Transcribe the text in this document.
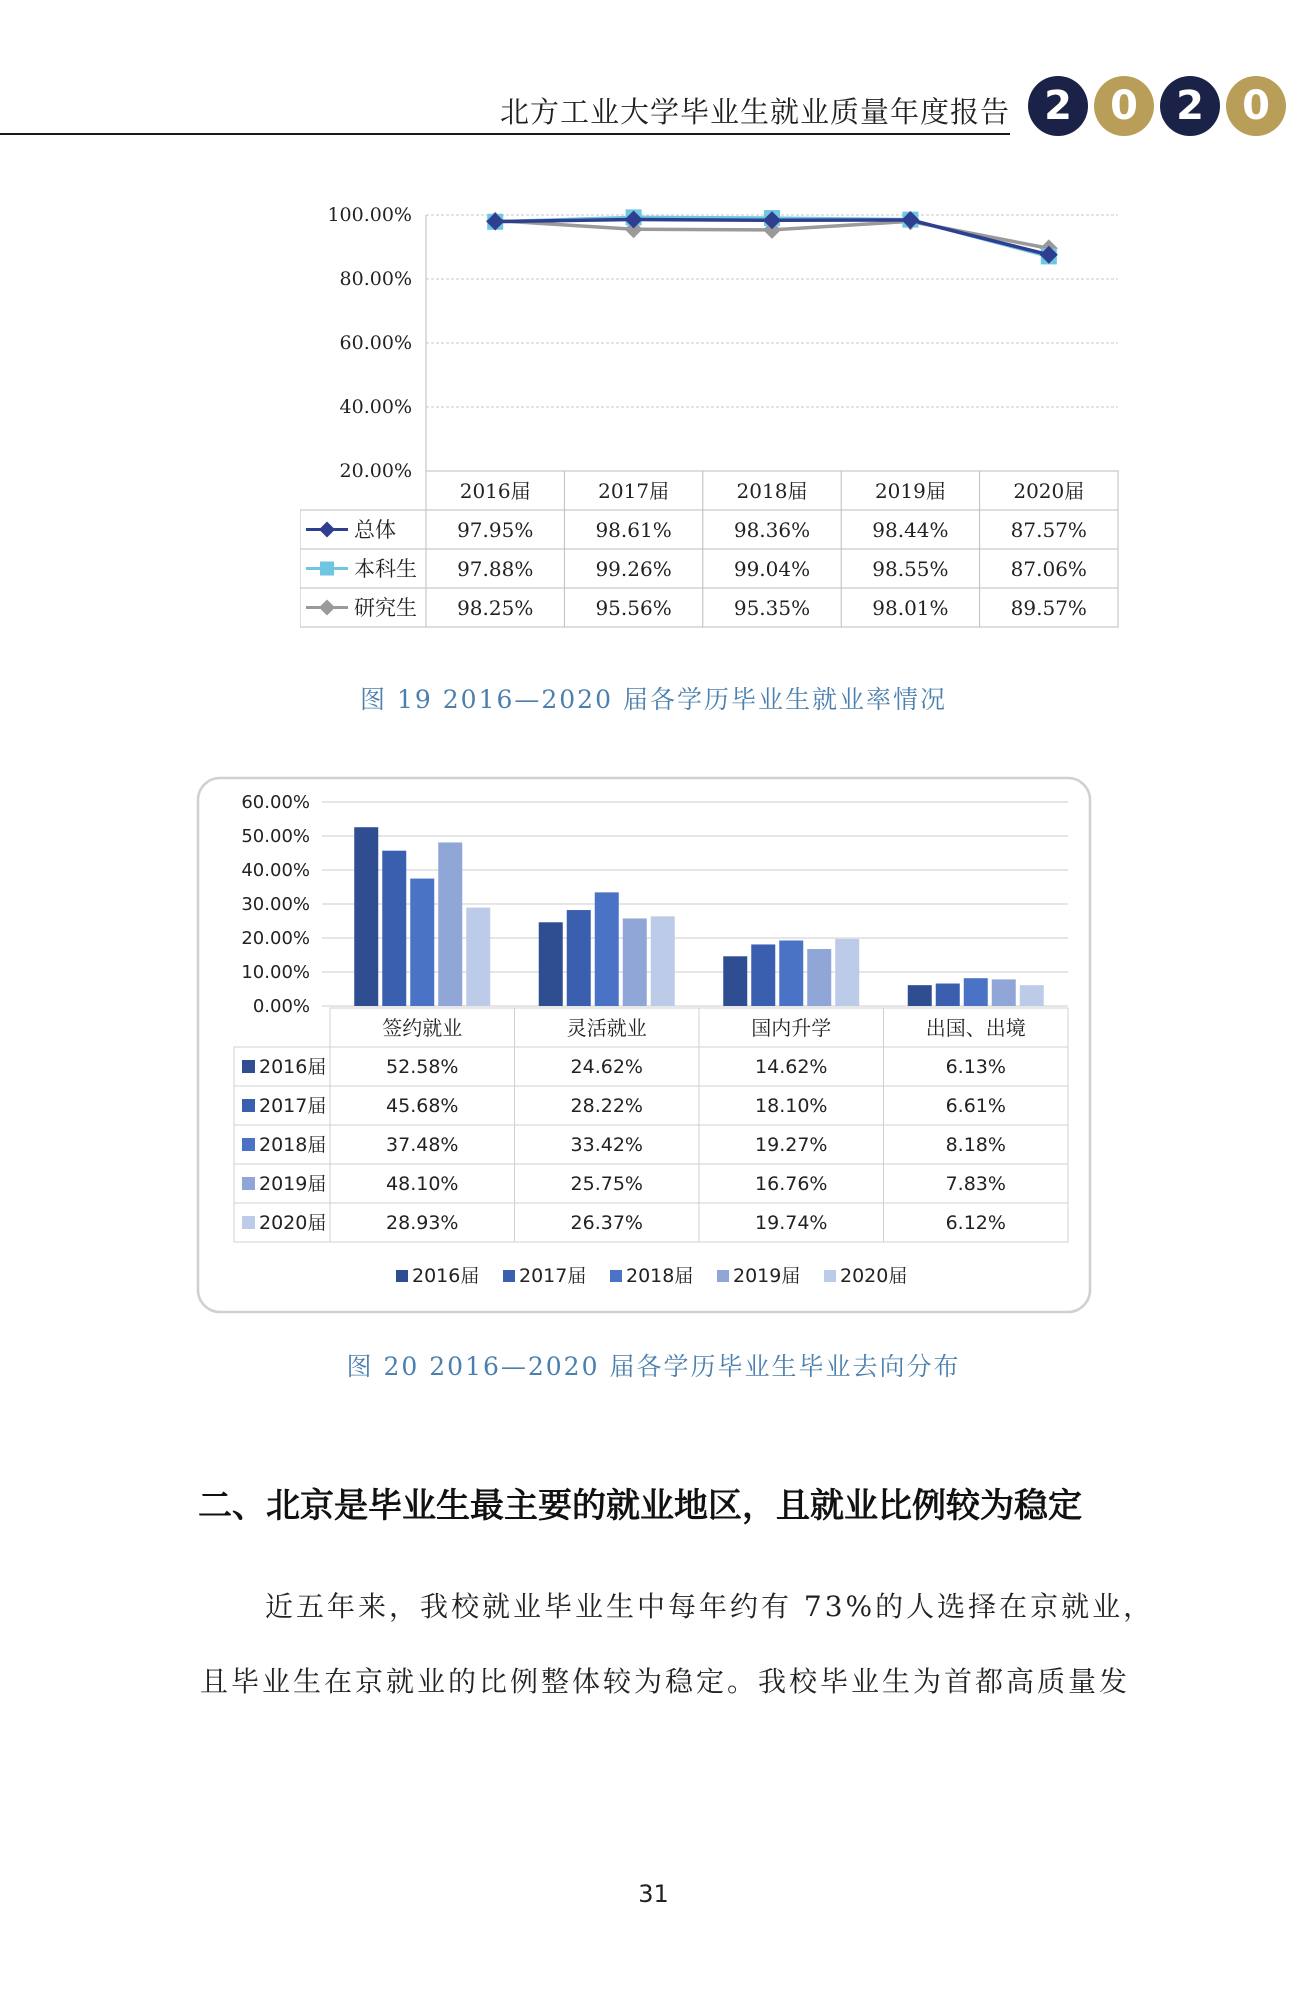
北方工业大学毕业生就业质量年度报告 2 0 2 0
100.00%
80.00%
60.00%
40.00%
20.00%
2016届	2017届	2018届	2019届	2020届
总体	97.95%	98.61%	98.36%	98.44%	87.57%
本科生 97.88%	99.26%	99.04%	98.55%	87.06%
研究生 98.25%	95.56%	95.35%	98.01%	89.57%
图 19 2016—2020 届各学历毕业生就业率情况
60.00%
50.00%
40.00%
30.00%
20.00%
10.00%
0.00%
签约就业	灵活就业	国内升学	出国、出境
2016届	52.58%	24.62%	14.62%	6.13%
2017届	45.68%	28.22%	18.10%	6.61%
2018届	37.48%	33.42%	19.27%	8.18%
2019届	48.10%	25.75%	16.76%	7.83%
2020届	28.93%	26.37%	19.74%	6.12%
2016届 2017届 2018届 2019届 2020届
图 20 2016—2020 届各学历毕业生毕业去向分布
二、北京是毕业生最主要的就业地区，且就业比例较为稳定
近五年来，我校就业毕业生中每年约有 73%的人选择在京就业，
且毕业生在京就业的比例整体较为稳定。我校毕业生为首都高质量发
31
